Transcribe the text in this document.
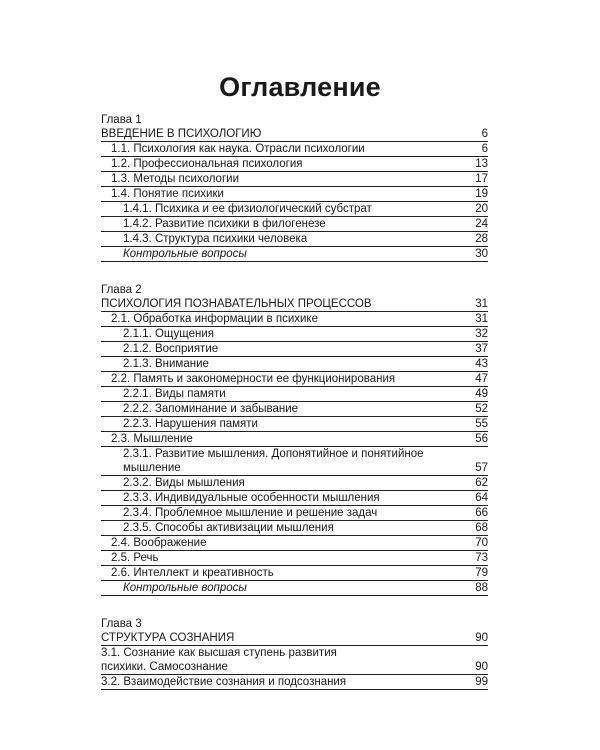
Оглавление
Глава 1
ВВЕДЕНИЕ В ПСИХОЛОГИЮ	6
1.1. Психология как наука. Отрасли психологии	6
1.2. Профессиональная психология	13
1.3. Методы психологии	17
1.4. Понятие психики	19
1.4.1. Психика и ее физиологический субстрат	20
1.4.2. Развитие психики в филогенезе	24
1.4.3. Структура психики человека	28
Контрольные вопросы	30
Глава 2
ПСИХОЛОГИЯ ПОЗНАВАТЕЛЬНЫХ ПРОЦЕССОВ	31
2.1. Обработка информации в психике	31
2.1.1. Ощущения	32
2.1.2. Восприятие	37
2.1.3. Внимание	43
2.2. Память и закономерности ее функционирования	47
2.2.1. Виды памяти	49
2.2.2. Запоминание и забывание	52
2.2.3. Нарушения памяти	55
2.3. Мышление	56
2.3.1. Развитие мышления. Допонятийное и понятийное
мышление	57
2.3.2. Виды мышления	62
2.3.3. Индивидуальные особенности мышления	64
2.3.4. Проблемное мышление и решение задач	66
2.3.5. Способы активизации мышления	68
2.4. Воображение	70
2.5. Речь	73
2.6. Интеллект и креативность	79
Контрольные вопросы	88
Глава 3
СТРУКТУРА СОЗНАНИЯ	90
3.1. Сознание как высшая ступень развития
психики. Самосознание	90
3.2. Взаимодействие сознания и подсознания	99
